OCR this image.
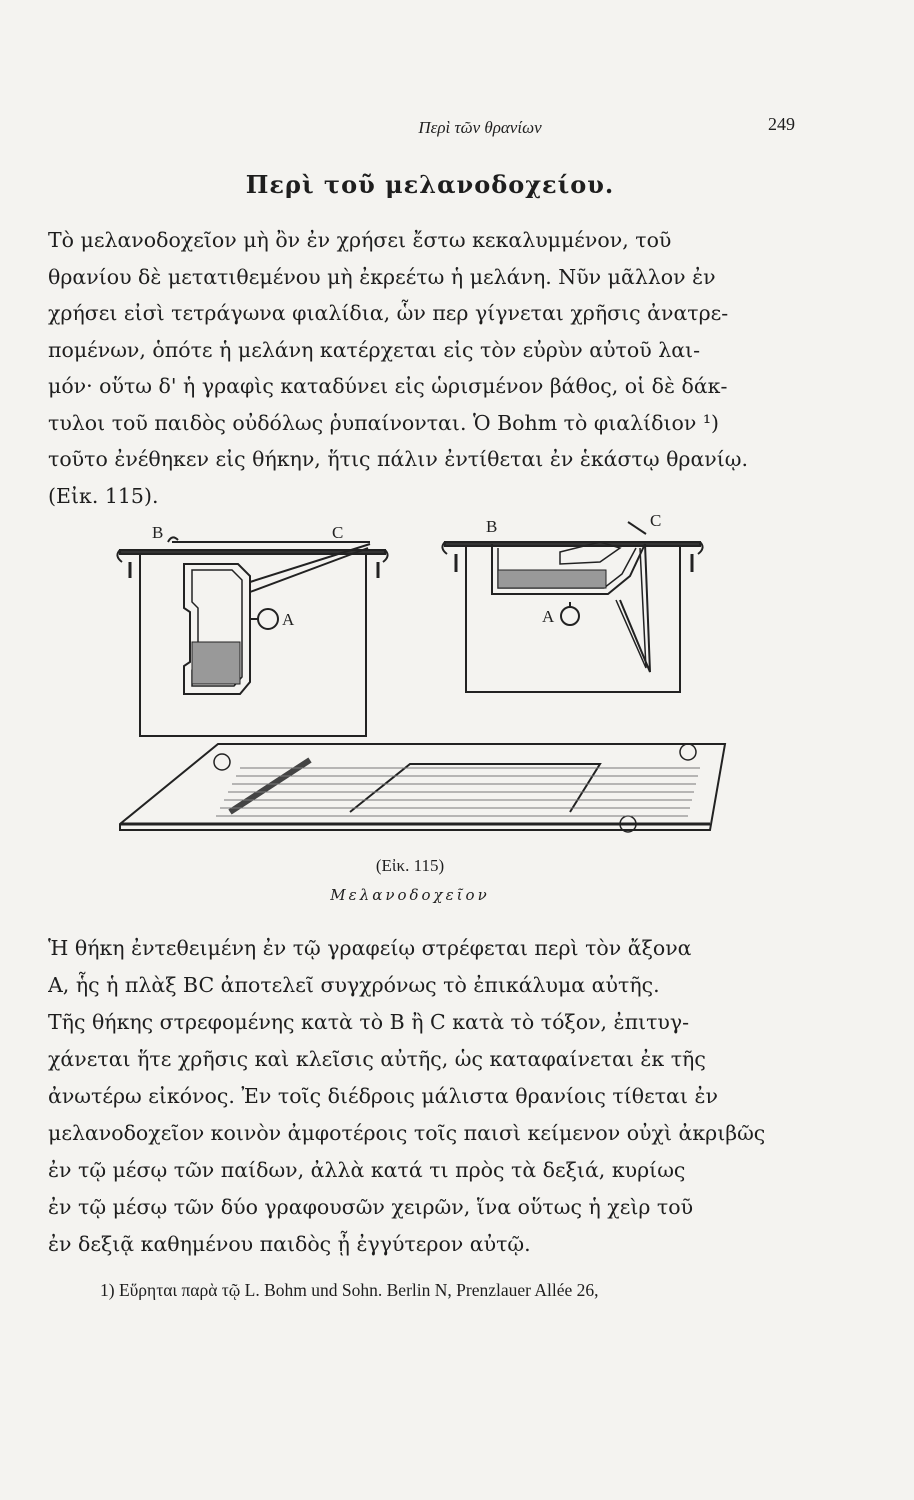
Περὶ τῶν θρανίων	249
Περὶ τοῦ μελανοδοχείου.
Τὸ μελανοδοχεῖον μὴ ὂν ἐν χρήσει ἔστω κεκαλυμμένον, τοῦ
θρανίου δὲ μετατιθεμένου μὴ ἐκρεέτω ἡ μελάνη. Νῦν μᾶλλον ἐν
χρήσει εἰσὶ τετράγωνα φιαλίδια, ὧν περ γίγνεται χρῆσις ἀνατρε-
πομένων, ὁπότε ἡ μελάνη κατέρχεται εἰς τὸν εὐρὺν αὐτοῦ λαι-
μόν· οὕτω δ' ἡ γραφὶς καταδύνει εἰς ὡρισμένον βάθος, οἱ δὲ δάκ-
τυλοι τοῦ παιδὸς οὐδόλως ῥυπαίνονται. Ὁ Bohm τὸ φιαλίδιον ¹)
τοῦτο ἐνέθηκεν εἰς θήκην, ἥτις πάλιν ἐντίθεται ἐν ἑκάστῳ θρανίῳ.
(Εἰκ. 115).
B	C
A
B	C
A
(Εἰκ. 115)
Μελανοδοχεῖον
Ἡ θήκη ἐντεθειμένη ἐν τῷ γραφείῳ στρέφεται περὶ τὸν ἄξονα
Α, ἧς ἡ πλὰξ BC ἀποτελεῖ συγχρόνως τὸ ἐπικάλυμα αὐτῆς.
Τῆς θήκης στρεφομένης κατὰ τὸ B ἢ C κατὰ τὸ τόξον, ἐπιτυγ-
χάνεται ἥτε χρῆσις καὶ κλεῖσις αὐτῆς, ὡς καταφαίνεται ἐκ τῆς
ἀνωτέρω εἰκόνος. Ἐν τοῖς διέδροις μάλιστα θρανίοις τίθεται ἐν
μελανοδοχεῖον κοινὸν ἀμφοτέροις τοῖς παισὶ κείμενον οὐχὶ ἀκριβῶς
ἐν τῷ μέσῳ τῶν παίδων, ἀλλὰ κατά τι πρὸς τὰ δεξιά, κυρίως
ἐν τῷ μέσῳ τῶν δύο γραφουσῶν χειρῶν, ἵνα οὕτως ἡ χεὶρ τοῦ
ἐν δεξιᾷ καθημένου παιδὸς ᾖ ἐγγύτερον αὐτῷ.
1) Εὕρηται παρὰ τῷ L. Bohm und Sohn. Berlin N, Prenzlauer Allée 26,
